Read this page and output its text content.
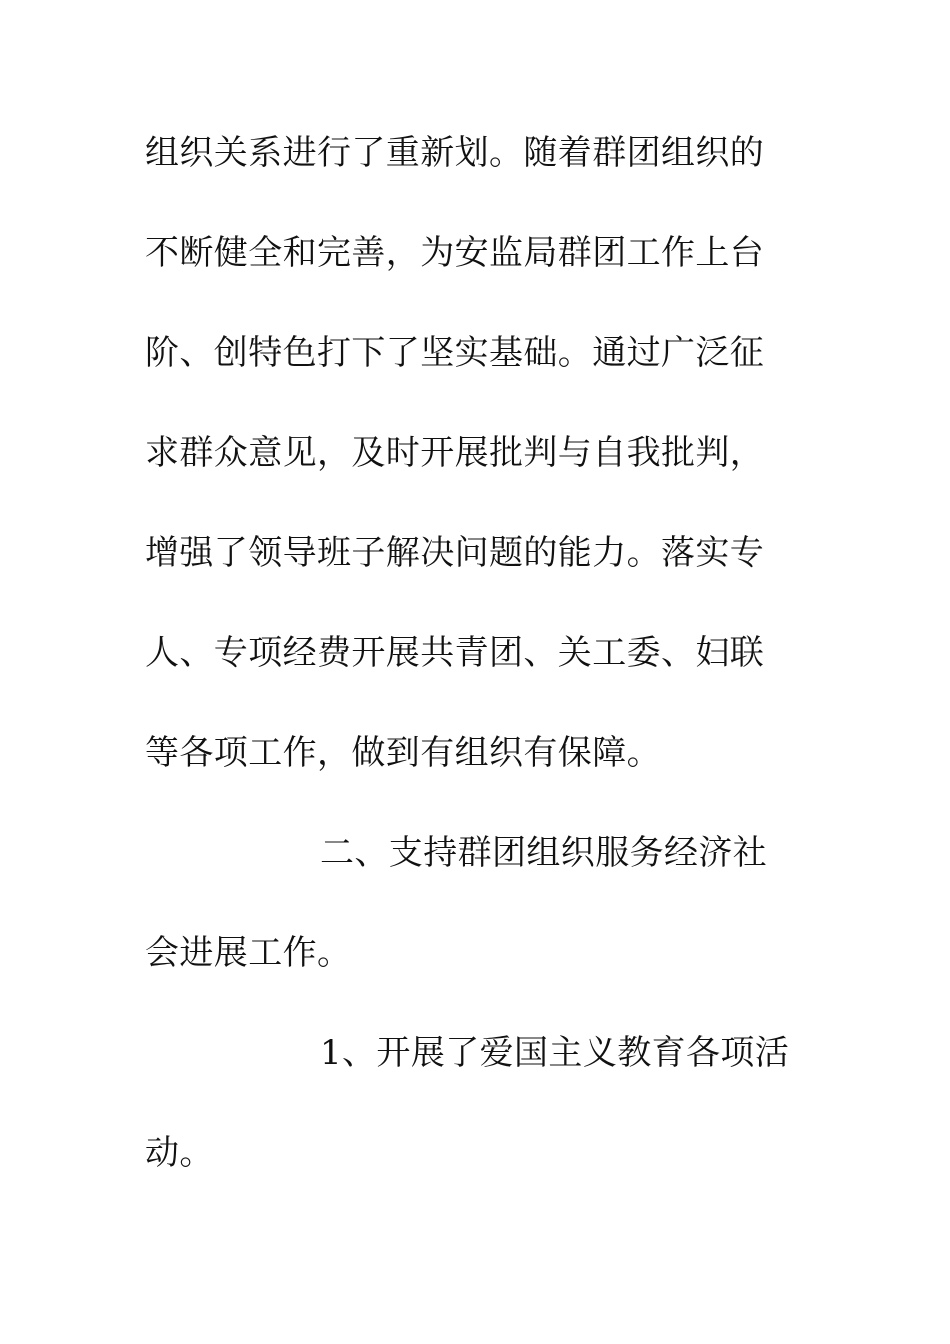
组织关系进行了重新划。随着群团组织的
不断健全和完善，为安监局群团工作上台
阶、创特色打下了坚实基础。通过广泛征
求群众意见，及时开展批判与自我批判，
增强了领导班子解决问题的能力。落实专
人、专项经费开展共青团、关工委、妇联
等各项工作，做到有组织有保障。
二、支持群团组织服务经济社
会进展工作。
1、开展了爱国主义教育各项活
动。
